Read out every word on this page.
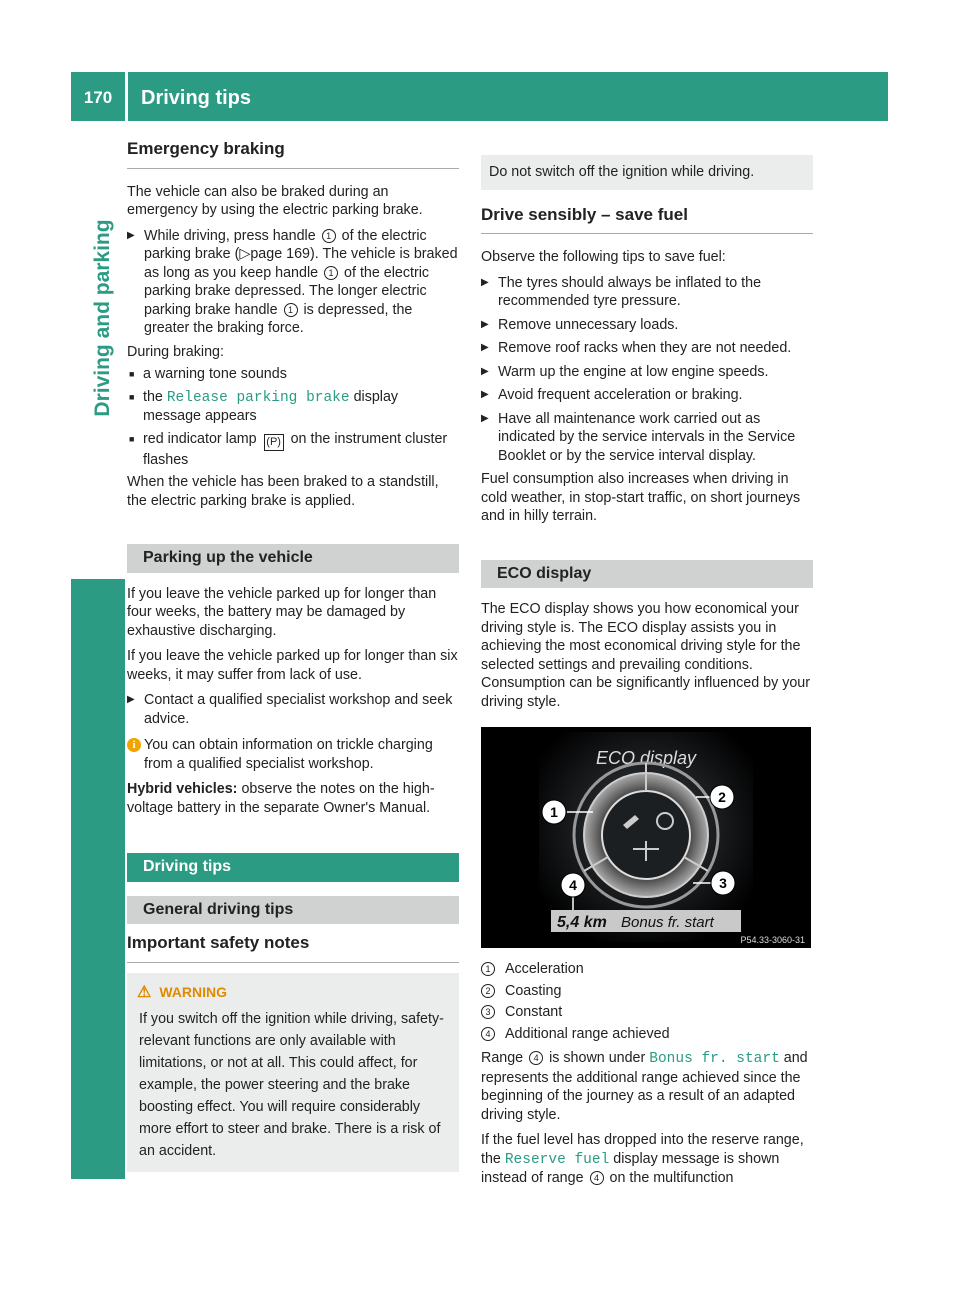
170	Driving tips
Driving and parking
Emergency braking

The vehicle can also be braked during an emergency by using the electric parking brake.

▶ While driving, press handle 1 of the electric parking brake (▷page 169). The vehicle is braked as long as you keep handle 1 of the electric parking brake depressed. The longer electric parking brake handle 1 is depressed, the greater the braking force.

During braking:

■ a warning tone sounds
■ the Release parking brake display message appears
■ red indicator lamp (P) on the instrument cluster flashes

When the vehicle has been braked to a standstill, the electric parking brake is applied.

Parking up the vehicle

If you leave the vehicle parked up for longer than four weeks, the battery may be damaged by exhaustive discharging.

If you leave the vehicle parked up for longer than six weeks, it may suffer from lack of use.

▶ Contact a qualified specialist workshop and seek advice.
i You can obtain information on trickle charging from a qualified specialist workshop.

Hybrid vehicles: observe the notes on the high-voltage battery in the separate Owner's Manual.

Driving tips
General driving tips
Important safety notes
⚠ WARNING

If you switch off the ignition while driving, safety-relevant functions are only available with limitations, or not at all. This could affect, for example, the power steering and the brake boosting effect. You will require considerably more effort to steer and brake. There is a risk of an accident.

Do not switch off the ignition while driving.
Drive sensibly – save fuel

Observe the following tips to save fuel:

▶ The tyres should always be inflated to the recommended tyre pressure.
▶ Remove unnecessary loads.
▶ Remove roof racks when they are not needed.
▶ Warm up the engine at low engine speeds.
▶ Avoid frequent acceleration or braking.
▶ Have all maintenance work carried out as indicated by the service intervals in the Service Booklet or by the service interval display.

Fuel consumption also increases when driving in cold weather, in stop-start traffic, on short journeys and in hilly terrain.

ECO display

The ECO display shows you how economical your driving style is. The ECO display assists you in achieving the most economical driving style for the selected settings and prevailing conditions. Consumption can be significantly influenced by your driving style.

ECO display
1
2
3
4
5,4 km Bonus fr. start
P54.33-3060-31
1 Acceleration
2 Coasting
3 Constant
4 Additional range achieved

Range 4 is shown under Bonus fr. start and represents the additional range achieved since the beginning of the journey as a result of an adapted driving style.

If the fuel level has dropped into the reserve range, the Reserve fuel display message is shown instead of range 4 on the multifunction
